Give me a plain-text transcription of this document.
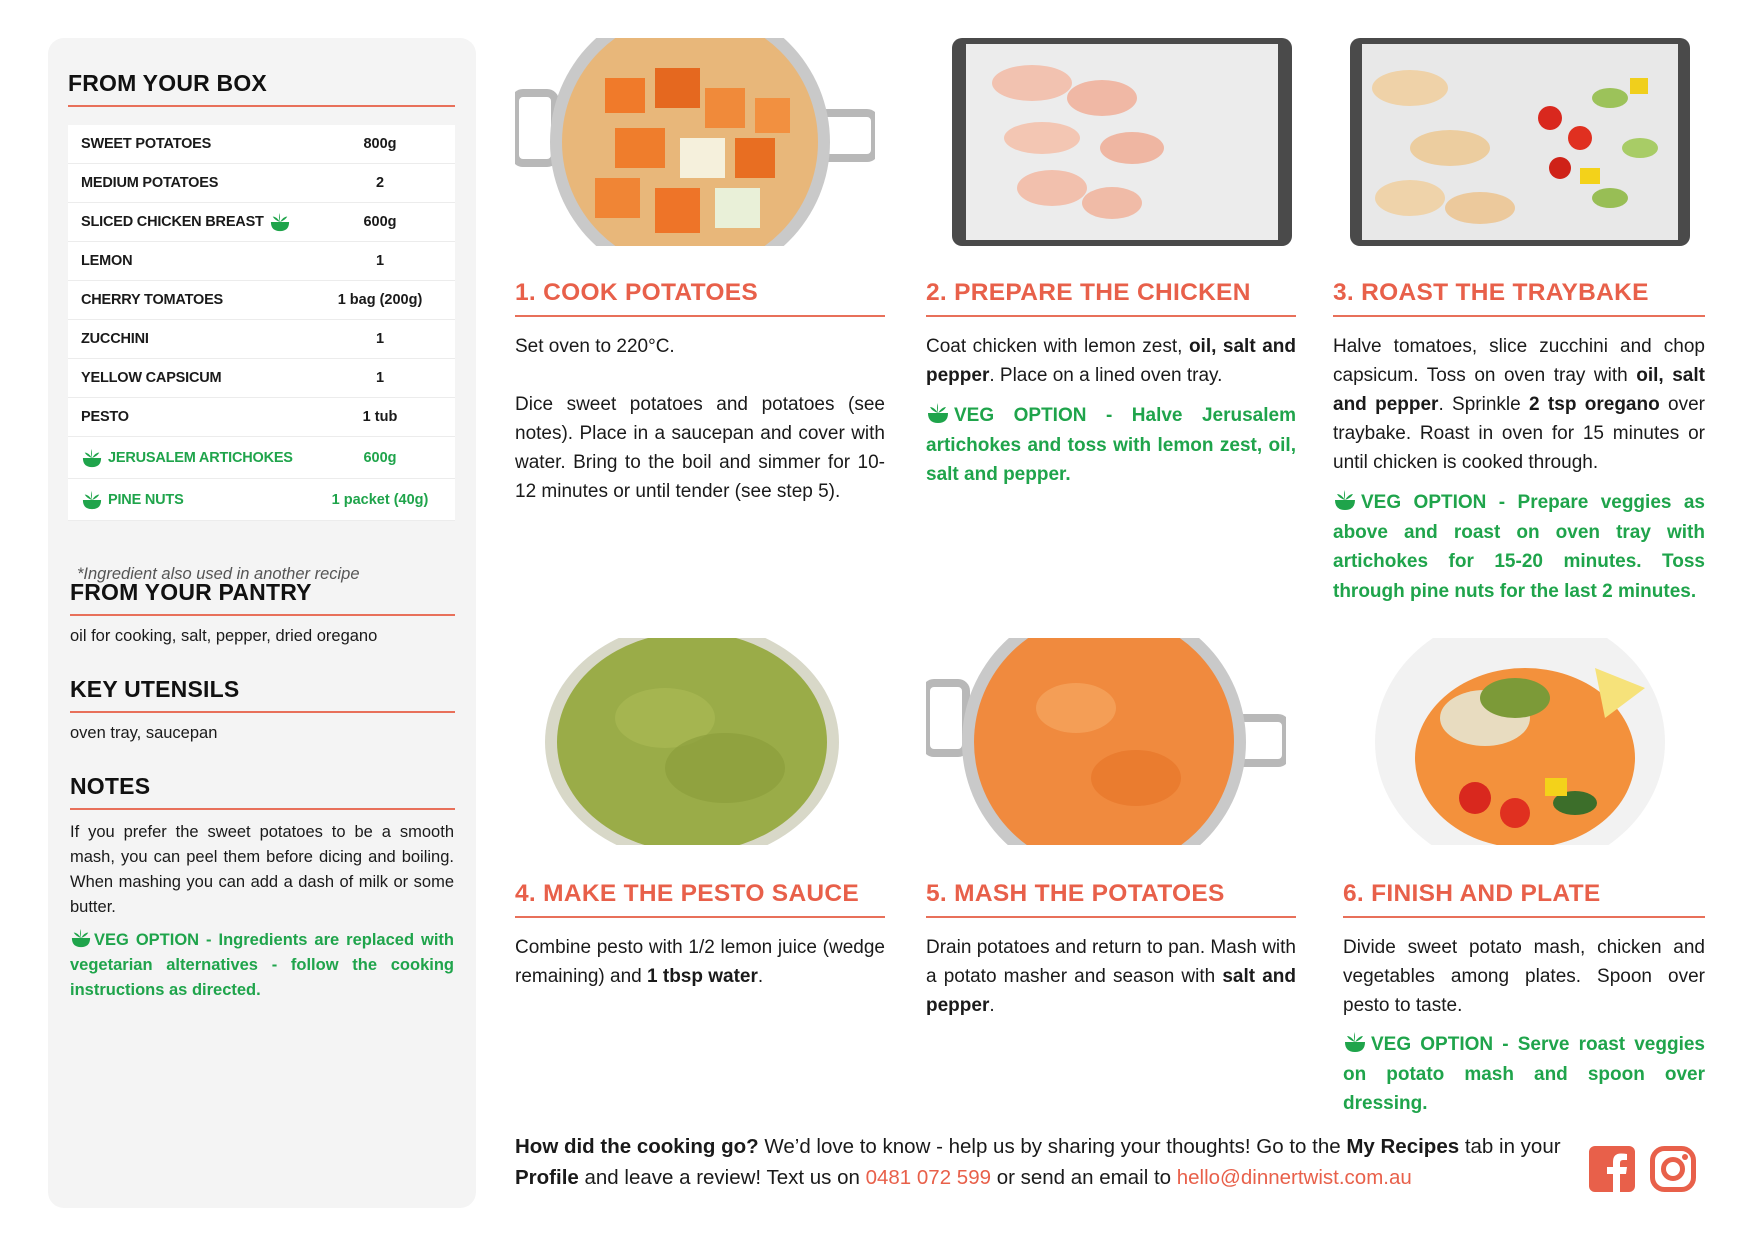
FROM YOUR BOX
SWEET POTATOES	800g
MEDIUM POTATOES	2
SLICED CHICKEN BREAST	600g
LEMON	1
CHERRY TOMATOES	1 bag (200g)
ZUCCHINI	1
YELLOW CAPSICUM	1
PESTO	1 tub
JERUSALEM ARTICHOKES	600g
PINE NUTS	1 packet (40g)
*Ingredient also used in another recipe
FROM YOUR PANTRY
oil for cooking, salt, pepper, dried oregano
KEY UTENSILS
oven tray, saucepan
NOTES
If you prefer the sweet potatoes to be a smooth mash, you can peel them before dicing and boiling. When mashing you can add a dash of milk or some butter.
VEG OPTION - Ingredients are replaced with vegetarian alternatives - follow the cooking instructions as directed.
1. COOK POTATOES
Set oven to 220°C.
Dice sweet potatoes and potatoes (see notes). Place in a saucepan and cover with water. Bring to the boil and simmer for 10-12 minutes or until tender (see step 5).
2. PREPARE THE CHICKEN
Coat chicken with lemon zest, oil, salt and pepper. Place on a lined oven tray.
VEG OPTION - Halve Jerusalem artichokes and toss with lemon zest, oil, salt and pepper.
3. ROAST THE TRAYBAKE
Halve tomatoes, slice zucchini and chop capsicum. Toss on oven tray with oil, salt and pepper. Sprinkle 2 tsp oregano over traybake. Roast in oven for 15 minutes or until chicken is cooked through.
VEG OPTION - Prepare veggies as above and roast on oven tray with artichokes for 15-20 minutes. Toss through pine nuts for the last 2 minutes.
4. MAKE THE PESTO SAUCE
Combine pesto with 1/2 lemon juice (wedge remaining) and 1 tbsp water.
5. MASH THE POTATOES
Drain potatoes and return to pan. Mash with a potato masher and season with salt and pepper.
6. FINISH AND PLATE
Divide sweet potato mash, chicken and vegetables among plates. Spoon over pesto to taste.
VEG OPTION - Serve roast veggies on potato mash and spoon over dressing.
How did the cooking go? We’d love to know - help us by sharing your thoughts! Go to the My Recipes tab in your Profile and leave a review! Text us on 0481 072 599 or send an email to hello@dinnertwist.com.au
